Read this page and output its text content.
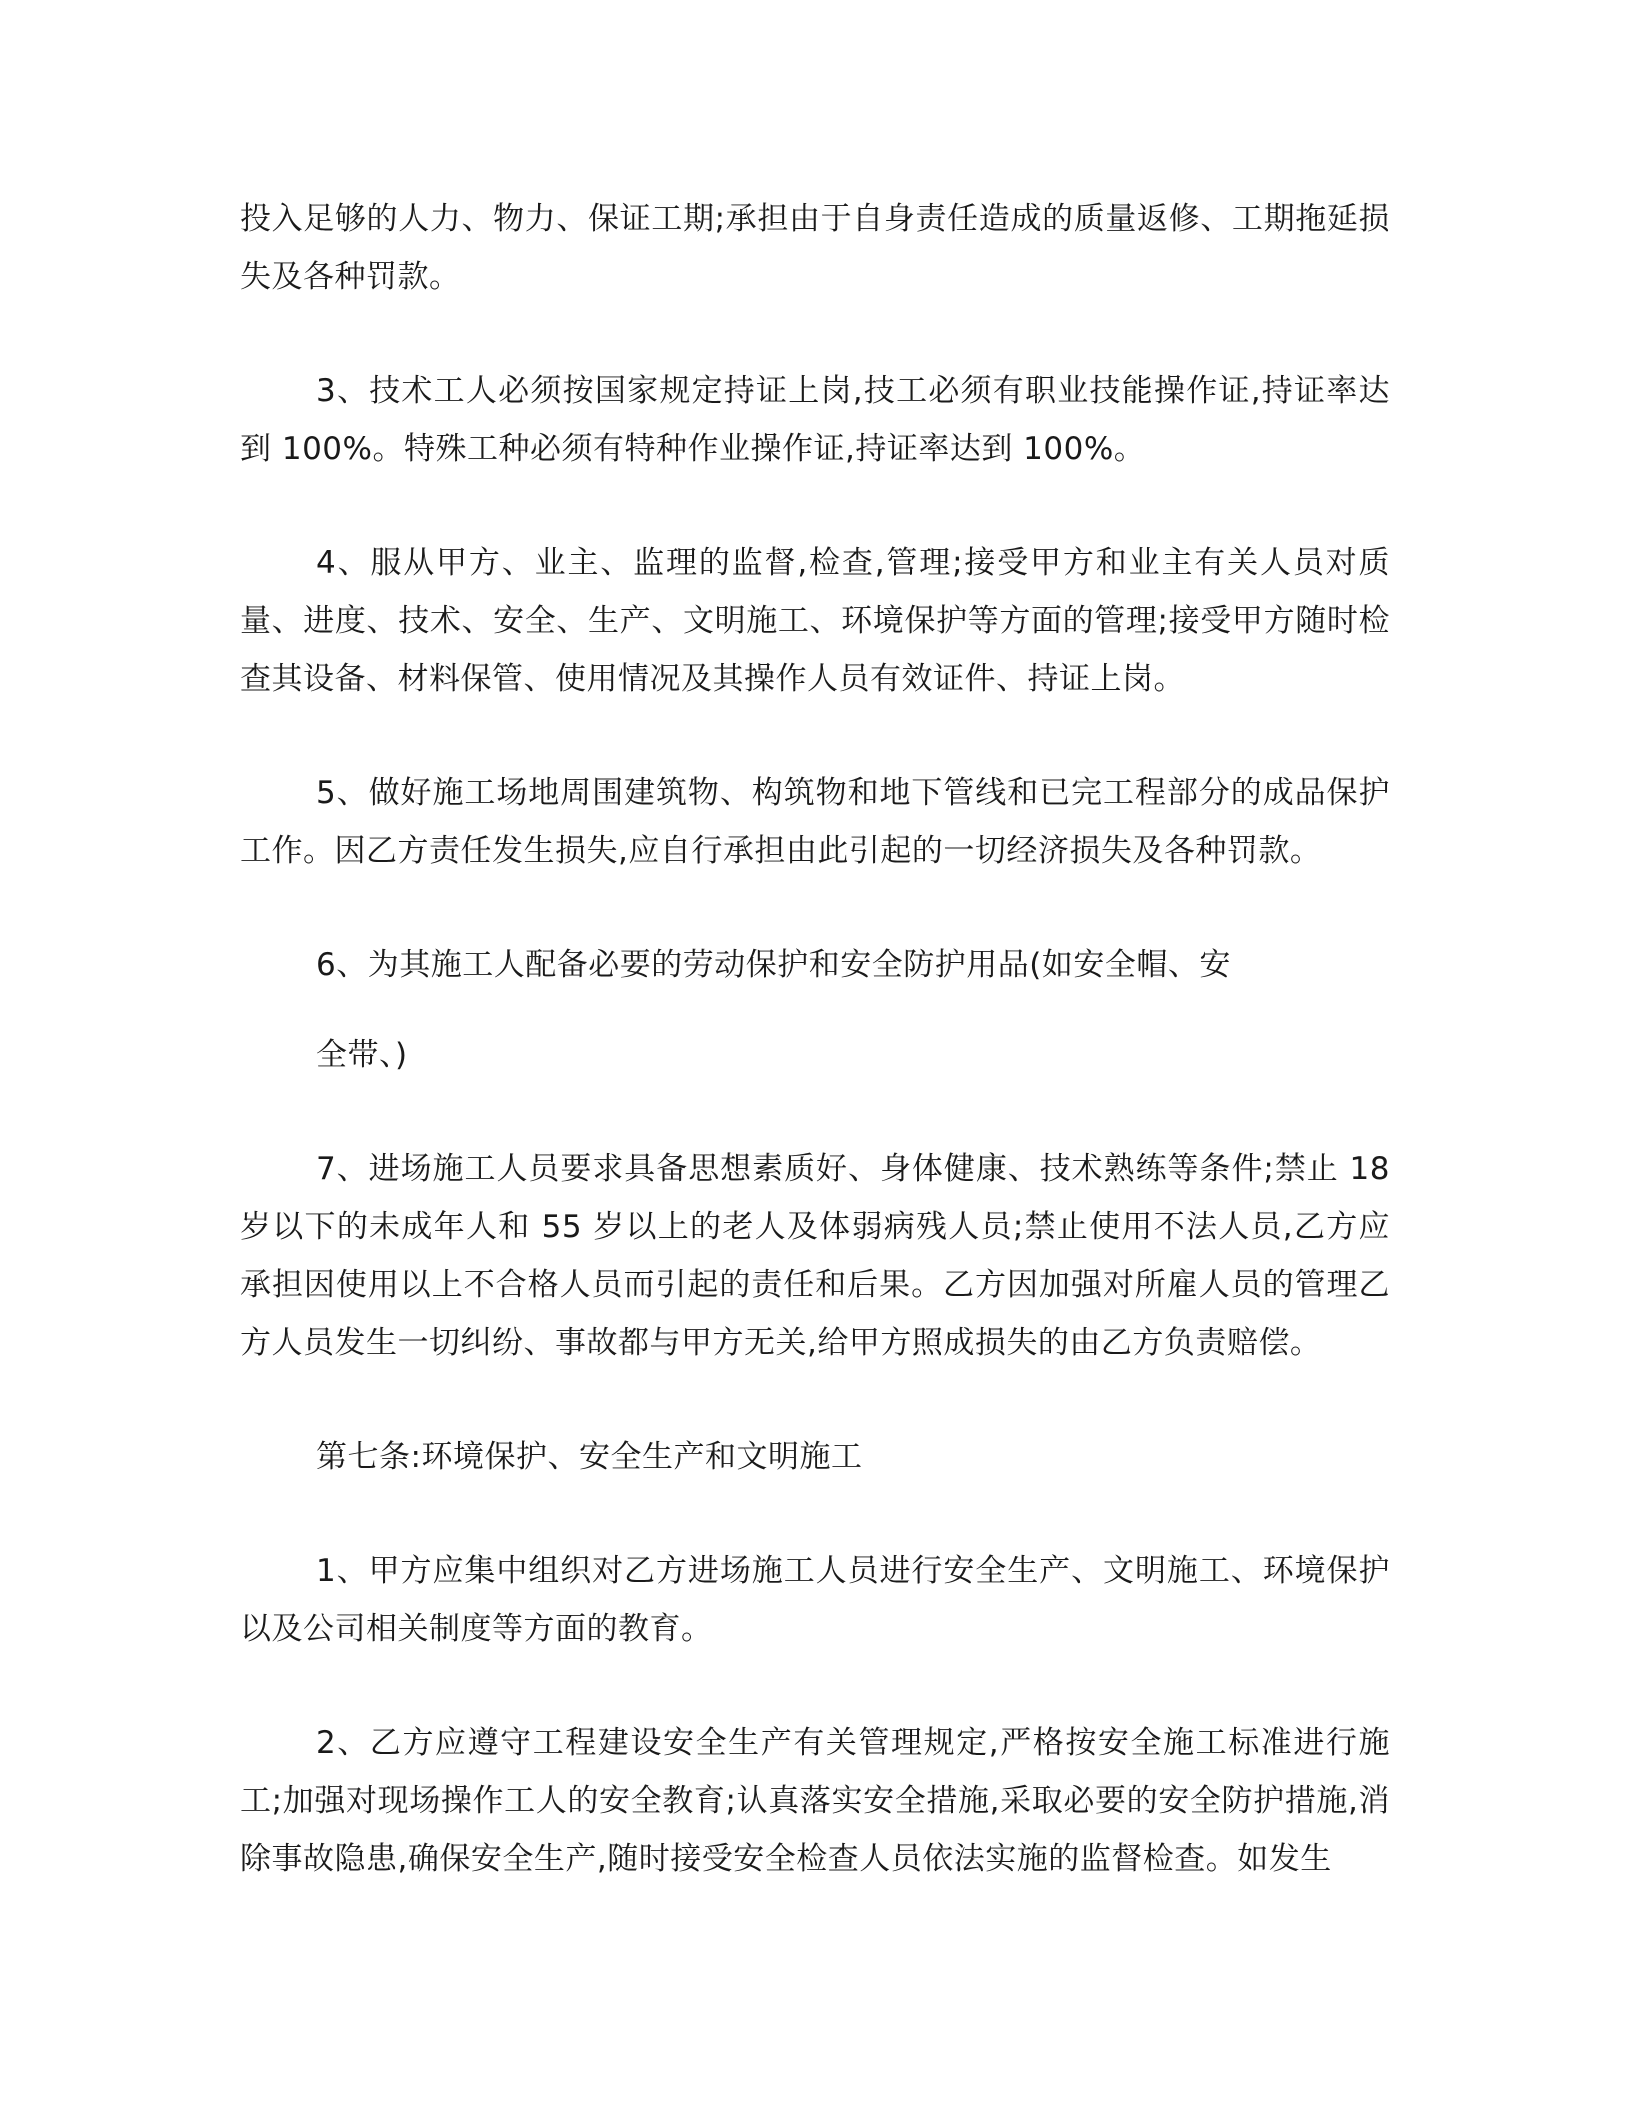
投入足够的人力、物力、保证工期;承担由于自身责任造成的质量返修、工期拖延损失及各种罚款。

3、技术工人必须按国家规定持证上岗,技工必须有职业技能操作证,持证率达到 100%。特殊工种必须有特种作业操作证,持证率达到 100%。

4、服从甲方、业主、监理的监督,检查,管理;接受甲方和业主有关人员对质量、进度、技术、安全、生产、文明施工、环境保护等方面的管理;接受甲方随时检查其设备、材料保管、使用情况及其操作人员有效证件、持证上岗。

5、做好施工场地周围建筑物、构筑物和地下管线和已完工程部分的成品保护工作。因乙方责任发生损失,应自行承担由此引起的一切经济损失及各种罚款。

6、为其施工人配备必要的劳动保护和安全防护用品(如安全帽、安

全带、)

7、进场施工人员要求具备思想素质好、身体健康、技术熟练等条件;禁止 18 岁以下的未成年人和 55 岁以上的老人及体弱病残人员;禁止使用不法人员,乙方应承担因使用以上不合格人员而引起的责任和后果。乙方因加强对所雇人员的管理乙方人员发生一切纠纷、事故都与甲方无关,给甲方照成损失的由乙方负责赔偿。

第七条:环境保护、安全生产和文明施工

1、甲方应集中组织对乙方进场施工人员进行安全生产、文明施工、环境保护以及公司相关制度等方面的教育。

2、乙方应遵守工程建设安全生产有关管理规定,严格按安全施工标准进行施工;加强对现场操作工人的安全教育;认真落实安全措施,采取必要的安全防护措施,消除事故隐患,确保安全生产,随时接受安全检查人员依法实施的监督检查。如发生
